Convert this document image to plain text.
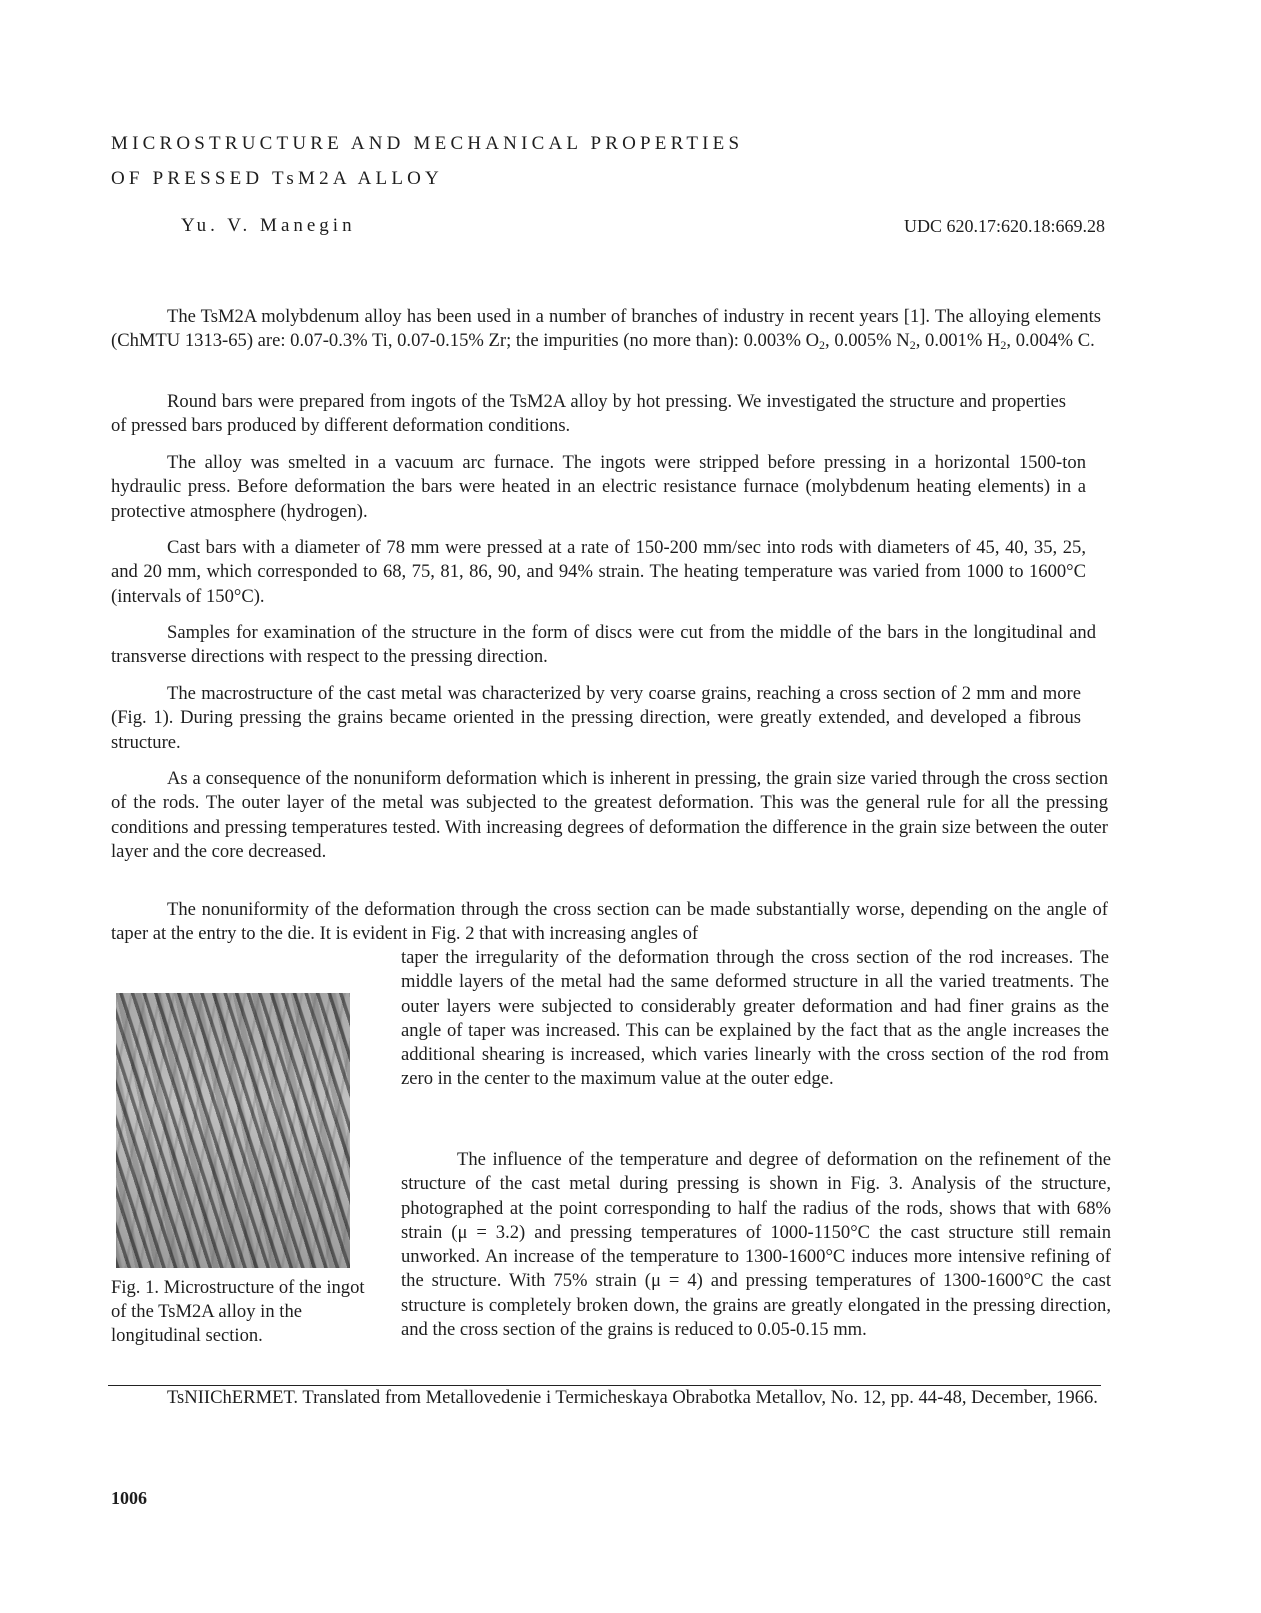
MICROSTRUCTURE AND MECHANICAL PROPERTIES
OF PRESSED TsM2A ALLOY
Yu. V. Manegin	UDC 620.17:620.18:669.28

The TsM2A molybdenum alloy has been used in a number of branches of industry in recent years [1]. The alloying elements (ChMTU 1313-65) are: 0.07-0.3% Ti, 0.07-0.15% Zr; the impurities (no more than): 0.003% $O_2$, 0.005% $N_2$, 0.001% $H_2$, 0.004% C.

Round bars were prepared from ingots of the TsM2A alloy by hot pressing. We investigated the structure and properties of pressed bars produced by different deformation conditions.

The alloy was smelted in a vacuum arc furnace. The ingots were stripped before pressing in a horizontal 1500-ton hydraulic press. Before deformation the bars were heated in an electric resistance furnace (molybdenum heating elements) in a protective atmosphere (hydrogen).

Cast bars with a diameter of 78 mm were pressed at a rate of 150-200 mm/sec into rods with diameters of 45, 40, 35, 25, and 20 mm, which corresponded to 68, 75, 81, 86, 90, and 94% strain. The heating temperature was varied from 1000 to 1600°C (intervals of 150°C).

Samples for examination of the structure in the form of discs were cut from the middle of the bars in the longitudinal and transverse directions with respect to the pressing direction.

The macrostructure of the cast metal was characterized by very coarse grains, reaching a cross section of 2 mm and more (Fig. 1). During pressing the grains became oriented in the pressing direction, were greatly extended, and developed a fibrous structure.

As a consequence of the nonuniform deformation which is inherent in pressing, the grain size varied through the cross section of the rods. The outer layer of the metal was subjected to the greatest deformation. This was the general rule for all the pressing conditions and pressing temperatures tested. With increasing degrees of deformation the difference in the grain size between the outer layer and the core decreased.

The nonuniformity of the deformation through the cross section can be made substantially worse, depending on the angle of taper at the entry to the die. It is evident in Fig. 2 that with increasing angles of

taper the irregularity of the deformation through the cross section of the rod increases. The middle layers of the metal had the same deformed structure in all the varied treatments. The outer layers were subjected to considerably greater deformation and had finer grains as the angle of taper was increased. This can be explained by the fact that as the angle increases the additional shearing is increased, which varies linearly with the cross section of the rod from zero in the center to the maximum value at the outer edge.

The influence of the temperature and degree of deformation on the refinement of the structure of the cast metal during pressing is shown in Fig. 3. Analysis of the structure, photographed at the point corresponding to half the radius of the rods, shows that with 68% strain (μ = 3.2) and pressing temperatures of 1000-1150°C the cast structure still remain unworked. An increase of the temperature to 1300-1600°C induces more intensive refining of the structure. With 75% strain (μ = 4) and pressing temperatures of 1300-1600°C the cast structure is completely broken down, the grains are greatly elongated in the pressing direction, and the cross section of the grains is reduced to 0.05-0.15 mm.

Fig. 1. Microstructure of the ingot of the TsM2A alloy in the longitudinal section.

TsNIIChERMET. Translated from Metallovedenie i Termicheskaya Obrabotka Metallov, No. 12, pp. 44-48, December, 1966.

1006
